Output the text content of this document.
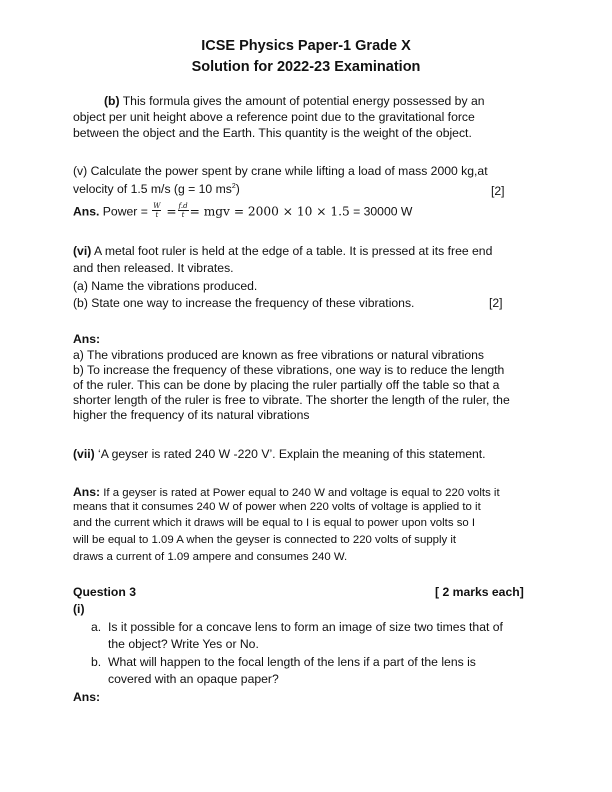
ICSE Physics Paper-1 Grade X
Solution for 2022-23 Examination
(b) This formula gives the amount of potential energy possessed by an
object per unit height above a reference point due to the gravitational force
between the object and the Earth. This quantity is the weight of the object.
(v) Calculate the power spent by crane while lifting a load of mass 2000 kg,at
velocity of 1.5 m/s (g = 10 $ms^2$)	[2]
Ans. Power = $\frac{W}{t} = \frac{f.d}{t}$ = mgv = 2000 × 10 × 1.5 = 30000 W
(vi) A metal foot ruler is held at the edge of a table. It is pressed at its free end
and then released. It vibrates.
(a) Name the vibrations produced.
(b) State one way to increase the frequency of these vibrations.	[2]
Ans:
a) The vibrations produced are known as free vibrations or natural vibrations
b) To increase the frequency of these vibrations, one way is to reduce the length
of the ruler. This can be done by placing the ruler partially off the table so that a
shorter length of the ruler is free to vibrate. The shorter the length of the ruler, the
higher the frequency of its natural vibrations
(vii) ‘A geyser is rated 240 W -220 V’. Explain the meaning of this statement.
Ans: If a geyser is rated at Power equal to 240 W and voltage is equal to 220 volts it
means that it consumes 240 W of power when 220 volts of voltage is applied to it
and the current which it draws will be equal to I is equal to power upon volts so I
will be equal to 1.09 A when the geyser is connected to 220 volts of supply it
draws a current of 1.09 ampere and consumes 240 W.
Question 3	[ 2 marks each]
(i)
a. Is it possible for a concave lens to form an image of size two times that of
the object? Write Yes or No.
b. What will happen to the focal length of the lens if a part of the lens is
covered with an opaque paper?
Ans:
